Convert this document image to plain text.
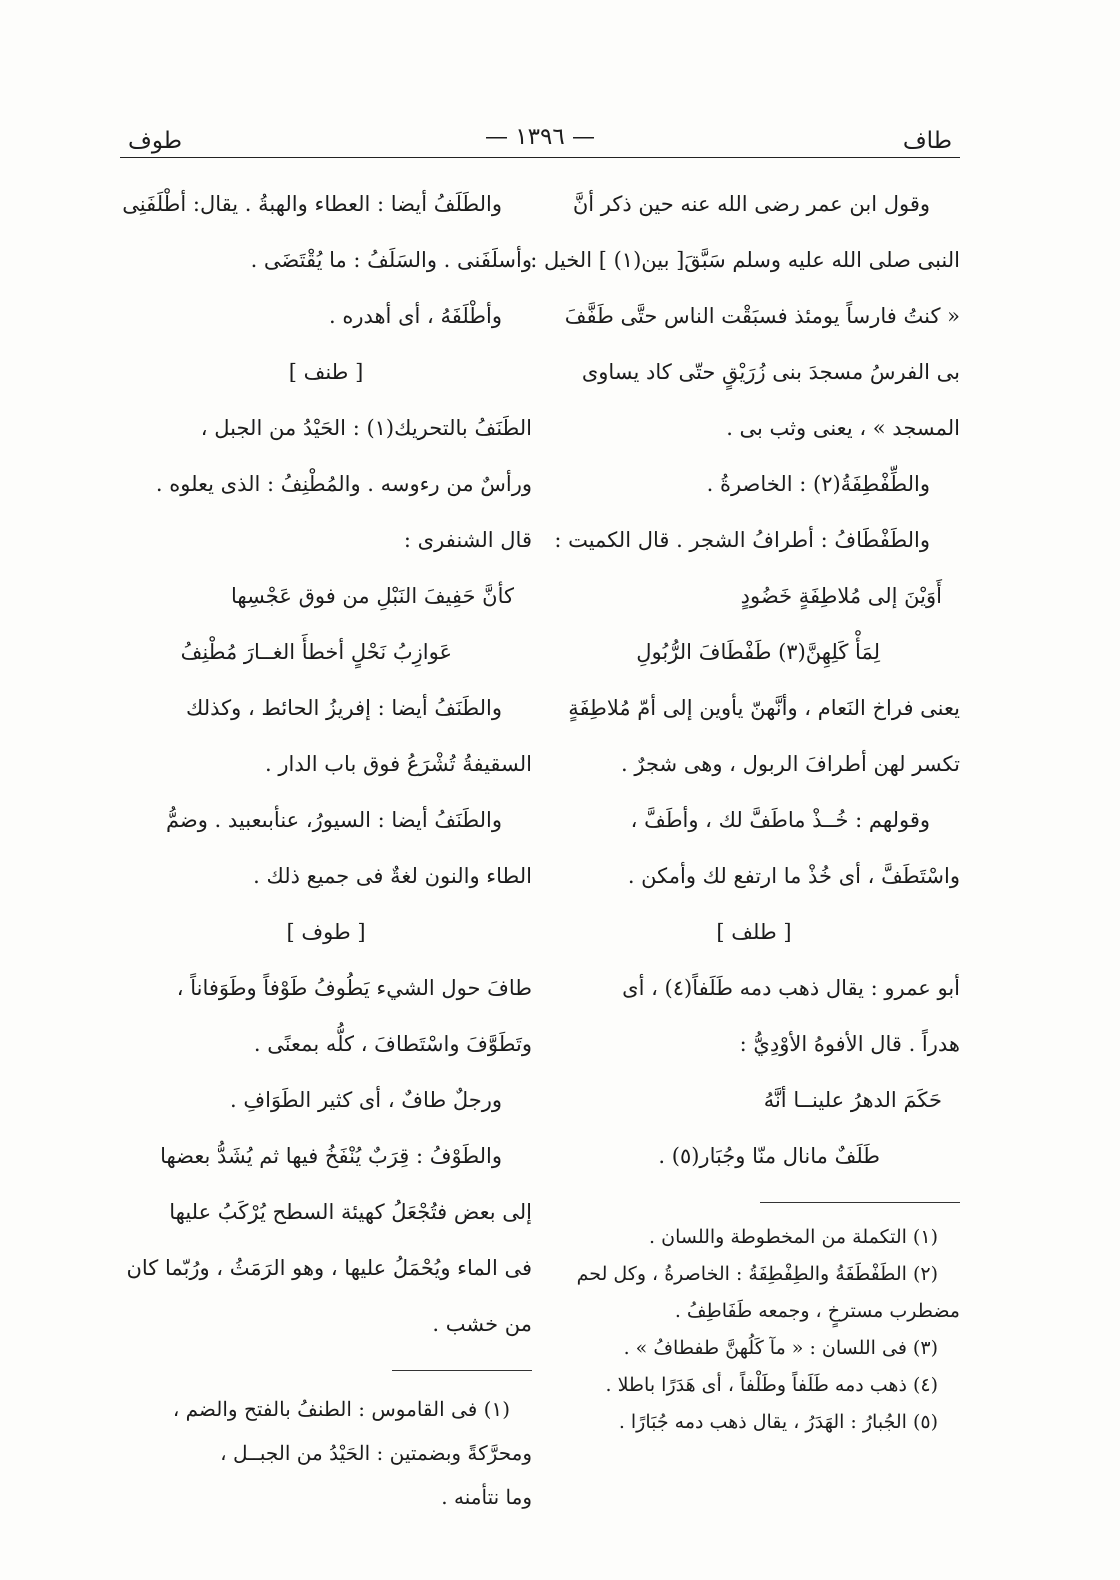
طاف
— ١٣٩٦ —
طوف
وقول ابن عمر رضى الله عنه حين ذكر أنَّ
النبى صلى الله عليه وسلم سَبَّقَ[ بين(١) ] الخيل :
« كنتُ فارساً يومئذ فسبَقْت الناس حتَّى طَفَّفَ
بى الفرسُ مسجدَ بنى زُرَيْقٍ حتّى كاد يساوى
المسجد » ، يعنى وثب بى .
والطِّفْطِفَةُ(٢) : الخاصرةُ .
والطَفْطَافُ : أطرافُ الشجر . قال الكميت :
أَوَيْنَ إلى مُلاطِفَةٍ خَضُودٍ
لِمَأْ كَلِهِنَّ(٣) طَفْطَافَ الرُّبُولِ
يعنى فراخ النَعام ، وأنَّهنّ يأوين إلى أمّ مُلاطِفَةٍ
تكسر لهن أطرافَ الربول ، وهى شجرٌ .
وقولهم : خُــذْ ماطَفَّ لك ، وأطَفَّ ،
واسْتَطَفَّ ، أى خُذْ ما ارتفع لك وأمكن .
[ طلف ]
أبو عمرو : يقال ذهب دمه طَلَفاً(٤) ، أى
هدراً . قال الأفوهُ الأوْدِيُّ :
حَكَمَ الدهرُ علينــا أنَّهُ
طَلَفٌ مانال منّا وجُبَار(٥) .
(١) التكملة من المخطوطة واللسان .
(٢) الطَفْطَفَةُ والطِفْطِفَةُ : الخاصرةُ ، وكل لحم
مضطرب مسترخٍ ، وجمعه طَفَاطِفُ .
(٣) فى اللسان : « مآ كَلُهنَّ طفطافُ » .
(٤) ذهب دمه طَلَفاً وطَلْفاً ، أى هَدَرًا باطلا .
(٥) الجُبارُ : الهَدَرُ ، يقال ذهب دمه جُبَارًا .
والطَلَفُ أيضا : العطاء والهبةُ . يقال: أطْلَفَنِى
وأسلَفَنى . والسَلَفُ : ما يُقْتَضَى .
وأطْلَفَهُ ، أى أهدره .
[ طنف ]
الطَنَفُ بالتحريك(١) : الحَيْدُ من الجبل ،
ورأسٌ من رءوسه . والمُطْنِفُ : الذى يعلوه .
قال الشنفرى :
كأنَّ حَفِيفَ النَبْلِ من فوق عَجْسِها
عَوازِبُ نَحْلٍ أخطأَ الغــارَ مُطْنِفُ
والطَنَفُ أيضا : إفريزُ الحائط ، وكذلك
السقيفةُ تُشْرَعُ فوق باب الدار .
والطَنَفُ أيضا : السيورُ، عنأبىعبيد . وضمُّ
الطاء والنون لغةٌ فى جميع ذلك .
[ طوف ]
طافَ حول الشيء يَطُوفُ طَوْفاً وطَوَفاناً ،
وتَطَوَّفَ واسْتَطافَ ، كلُّه بمعنًى .
ورجلٌ طافٌ ، أى كثير الطَوَافِ .
والطَوْفُ : قِرَبٌ يُنْفَخُ فيها ثم يُشَدُّ بعضها
إلى بعض فتُجْعَلُ كهيئة السطح يُرْكَبُ عليها
فى الماء ويُحْمَلُ عليها ، وهو الرَمَثُ ، ورُبّما كان
من خشب .
(١) فى القاموس : الطنفُ بالفتح والضم ،
ومحرَّكةً وبضمتين : الحَيْدُ من الجبــل ،
وما نتأمنه .
